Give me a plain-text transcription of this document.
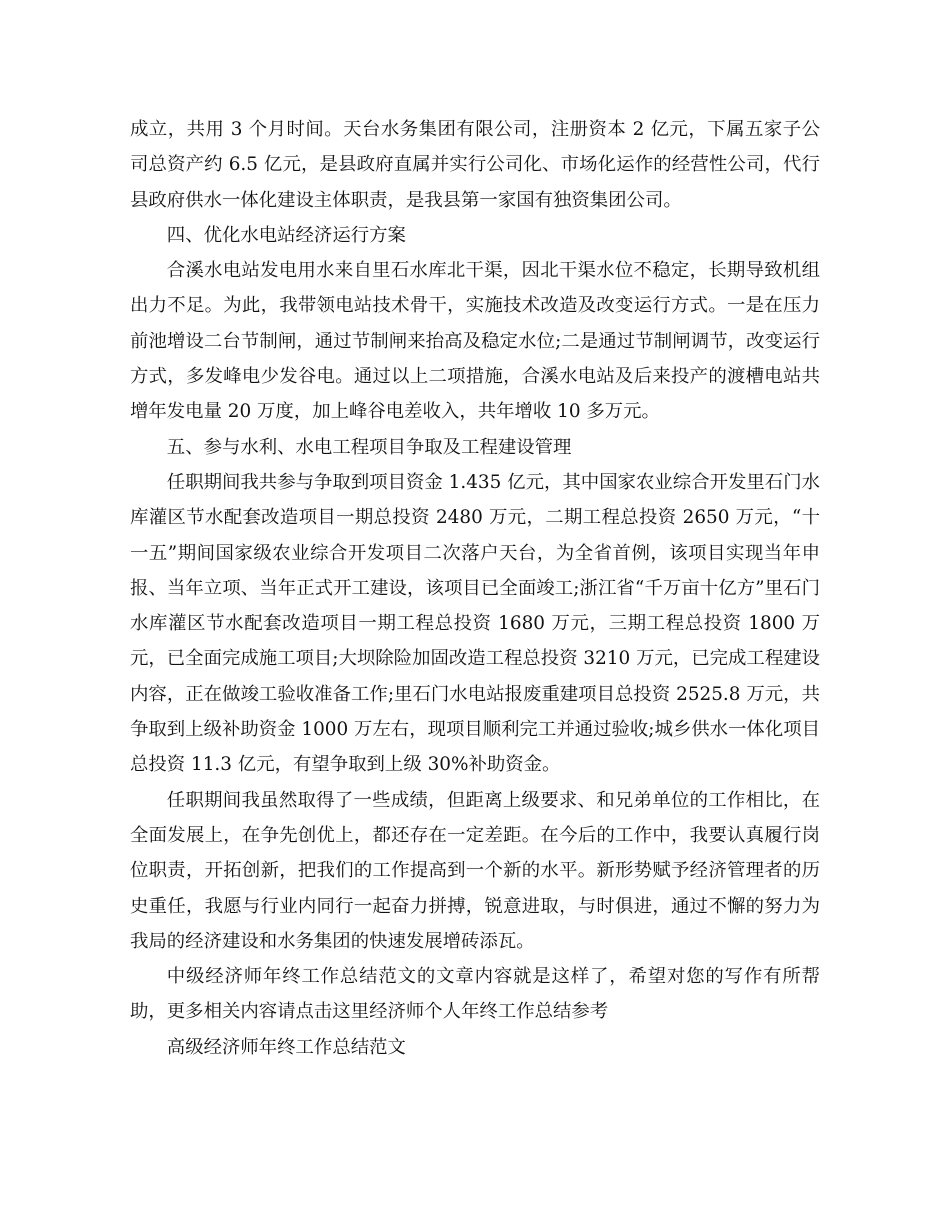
成立，共用 3 个月时间。天台水务集团有限公司，注册资本 2 亿元，下属五家子公司总资产约 6.5 亿元，是县政府直属并实行公司化、市场化运作的经营性公司，代行县政府供水一体化建设主体职责，是我县第一家国有独资集团公司。

四、优化水电站经济运行方案

合溪水电站发电用水来自里石水库北干渠，因北干渠水位不稳定，长期导致机组出力不足。为此，我带领电站技术骨干，实施技术改造及改变运行方式。一是在压力前池增设二台节制闸，通过节制闸来抬高及稳定水位;二是通过节制闸调节，改变运行方式，多发峰电少发谷电。通过以上二项措施，合溪水电站及后来投产的渡槽电站共增年发电量 20 万度，加上峰谷电差收入，共年增收 10 多万元。

五、参与水利、水电工程项目争取及工程建设管理

任职期间我共参与争取到项目资金 1.435 亿元，其中国家农业综合开发里石门水库灌区节水配套改造项目一期总投资 2480 万元，二期工程总投资 2650 万元，“十一五”期间国家级农业综合开发项目二次落户天台，为全省首例，该项目实现当年申报、当年立项、当年正式开工建设，该项目已全面竣工;浙江省“千万亩十亿方”里石门水库灌区节水配套改造项目一期工程总投资 1680 万元，三期工程总投资 1800 万元，已全面完成施工项目;大坝除险加固改造工程总投资 3210 万元，已完成工程建设内容，正在做竣工验收准备工作;里石门水电站报废重建项目总投资 2525.8 万元，共争取到上级补助资金 1000 万左右，现项目顺利完工并通过验收;城乡供水一体化项目总投资 11.3 亿元，有望争取到上级 30%补助资金。

任职期间我虽然取得了一些成绩，但距离上级要求、和兄弟单位的工作相比，在全面发展上，在争先创优上，都还存在一定差距。在今后的工作中，我要认真履行岗位职责，开拓创新，把我们的工作提高到一个新的水平。新形势赋予经济管理者的历史重任，我愿与行业内同行一起奋力拼搏，锐意进取，与时俱进，通过不懈的努力为我局的经济建设和水务集团的快速发展增砖添瓦。

中级经济师年终工作总结范文的文章内容就是这样了，希望对您的写作有所帮助，更多相关内容请点击这里经济师个人年终工作总结参考

高级经济师年终工作总结范文
